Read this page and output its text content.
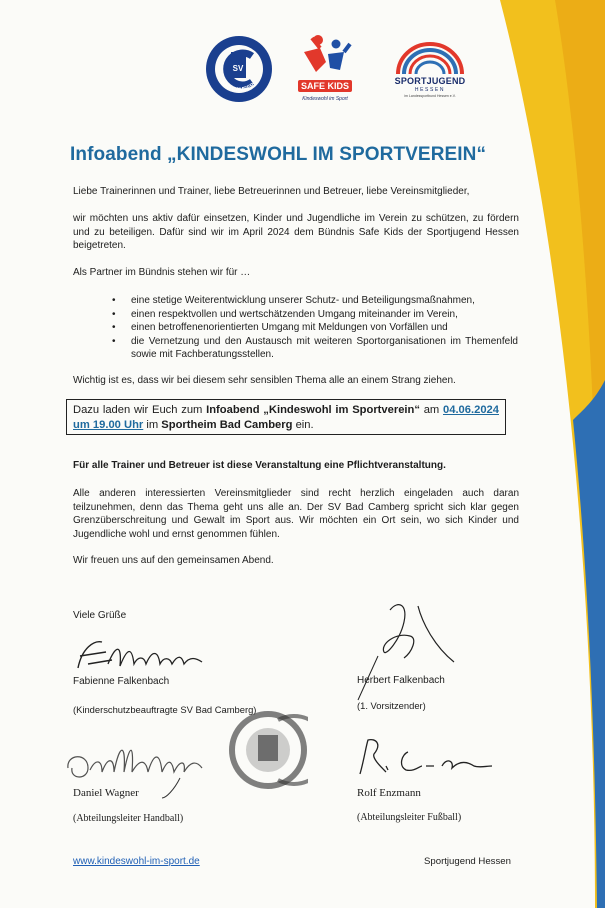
SV
BAD CAMBERG	SAFE KIDS
Kindeswohl im Sport
SPORTJUGEND
HESSEN
im Landessportbund Hessen e.V.
Infoabend „KINDESWOHL IM SPORTVEREIN“
Liebe Trainerinnen und Trainer, liebe Betreuerinnen und Betreuer, liebe Vereinsmitglieder,
wir möchten uns aktiv dafür einsetzen, Kinder und Jugendliche im Verein zu schützen, zu fördern und zu beteiligen. Dafür sind wir im April 2024 dem Bündnis Safe Kids der Sportjugend Hessen beigetreten.
Als Partner im Bündnis stehen wir für …
• eine stetige Weiterentwicklung unserer Schutz- und Beteiligungsmaßnahmen,
• einen respektvollen und wertschätzenden Umgang miteinander im Verein,
• einen betroffenenorientierten Umgang mit Meldungen von Vorfällen und
• die Vernetzung und den Austausch mit weiteren Sportorganisationen im Themenfeld sowie mit Fachberatungsstellen.
Wichtig ist es, dass wir bei diesem sehr sensiblen Thema alle an einem Strang ziehen.
Dazu laden wir Euch zum Infoabend „Kindeswohl im Sportverein“ am 04.06.2024 um 19.00 Uhr im Sportheim Bad Camberg ein.
Für alle Trainer und Betreuer ist diese Veranstaltung eine Pflichtveranstaltung.
Alle anderen interessierten Vereinsmitglieder sind recht herzlich eingeladen auch daran teilzunehmen, denn das Thema geht uns alle an. Der SV Bad Camberg spricht sich klar gegen Grenzüberschreitung und Gewalt im Sport aus. Wir möchten ein Ort sein, wo sich Kinder und Jugendliche wohl und ernst genommen fühlen.
Wir freuen uns auf den gemeinsamen Abend.
Viele Grüße
Fabienne Falkenbach
(Kinderschutzbeauftragte SV Bad Camberg)
Herbert Falkenbach
(1. Vorsitzender)
Daniel Wagner
(Abteilungsleiter Handball)
Rolf Enzmann
(Abteilungsleiter Fußball)
www.kindeswohl-im-sport.de	Sportjugend Hessen
